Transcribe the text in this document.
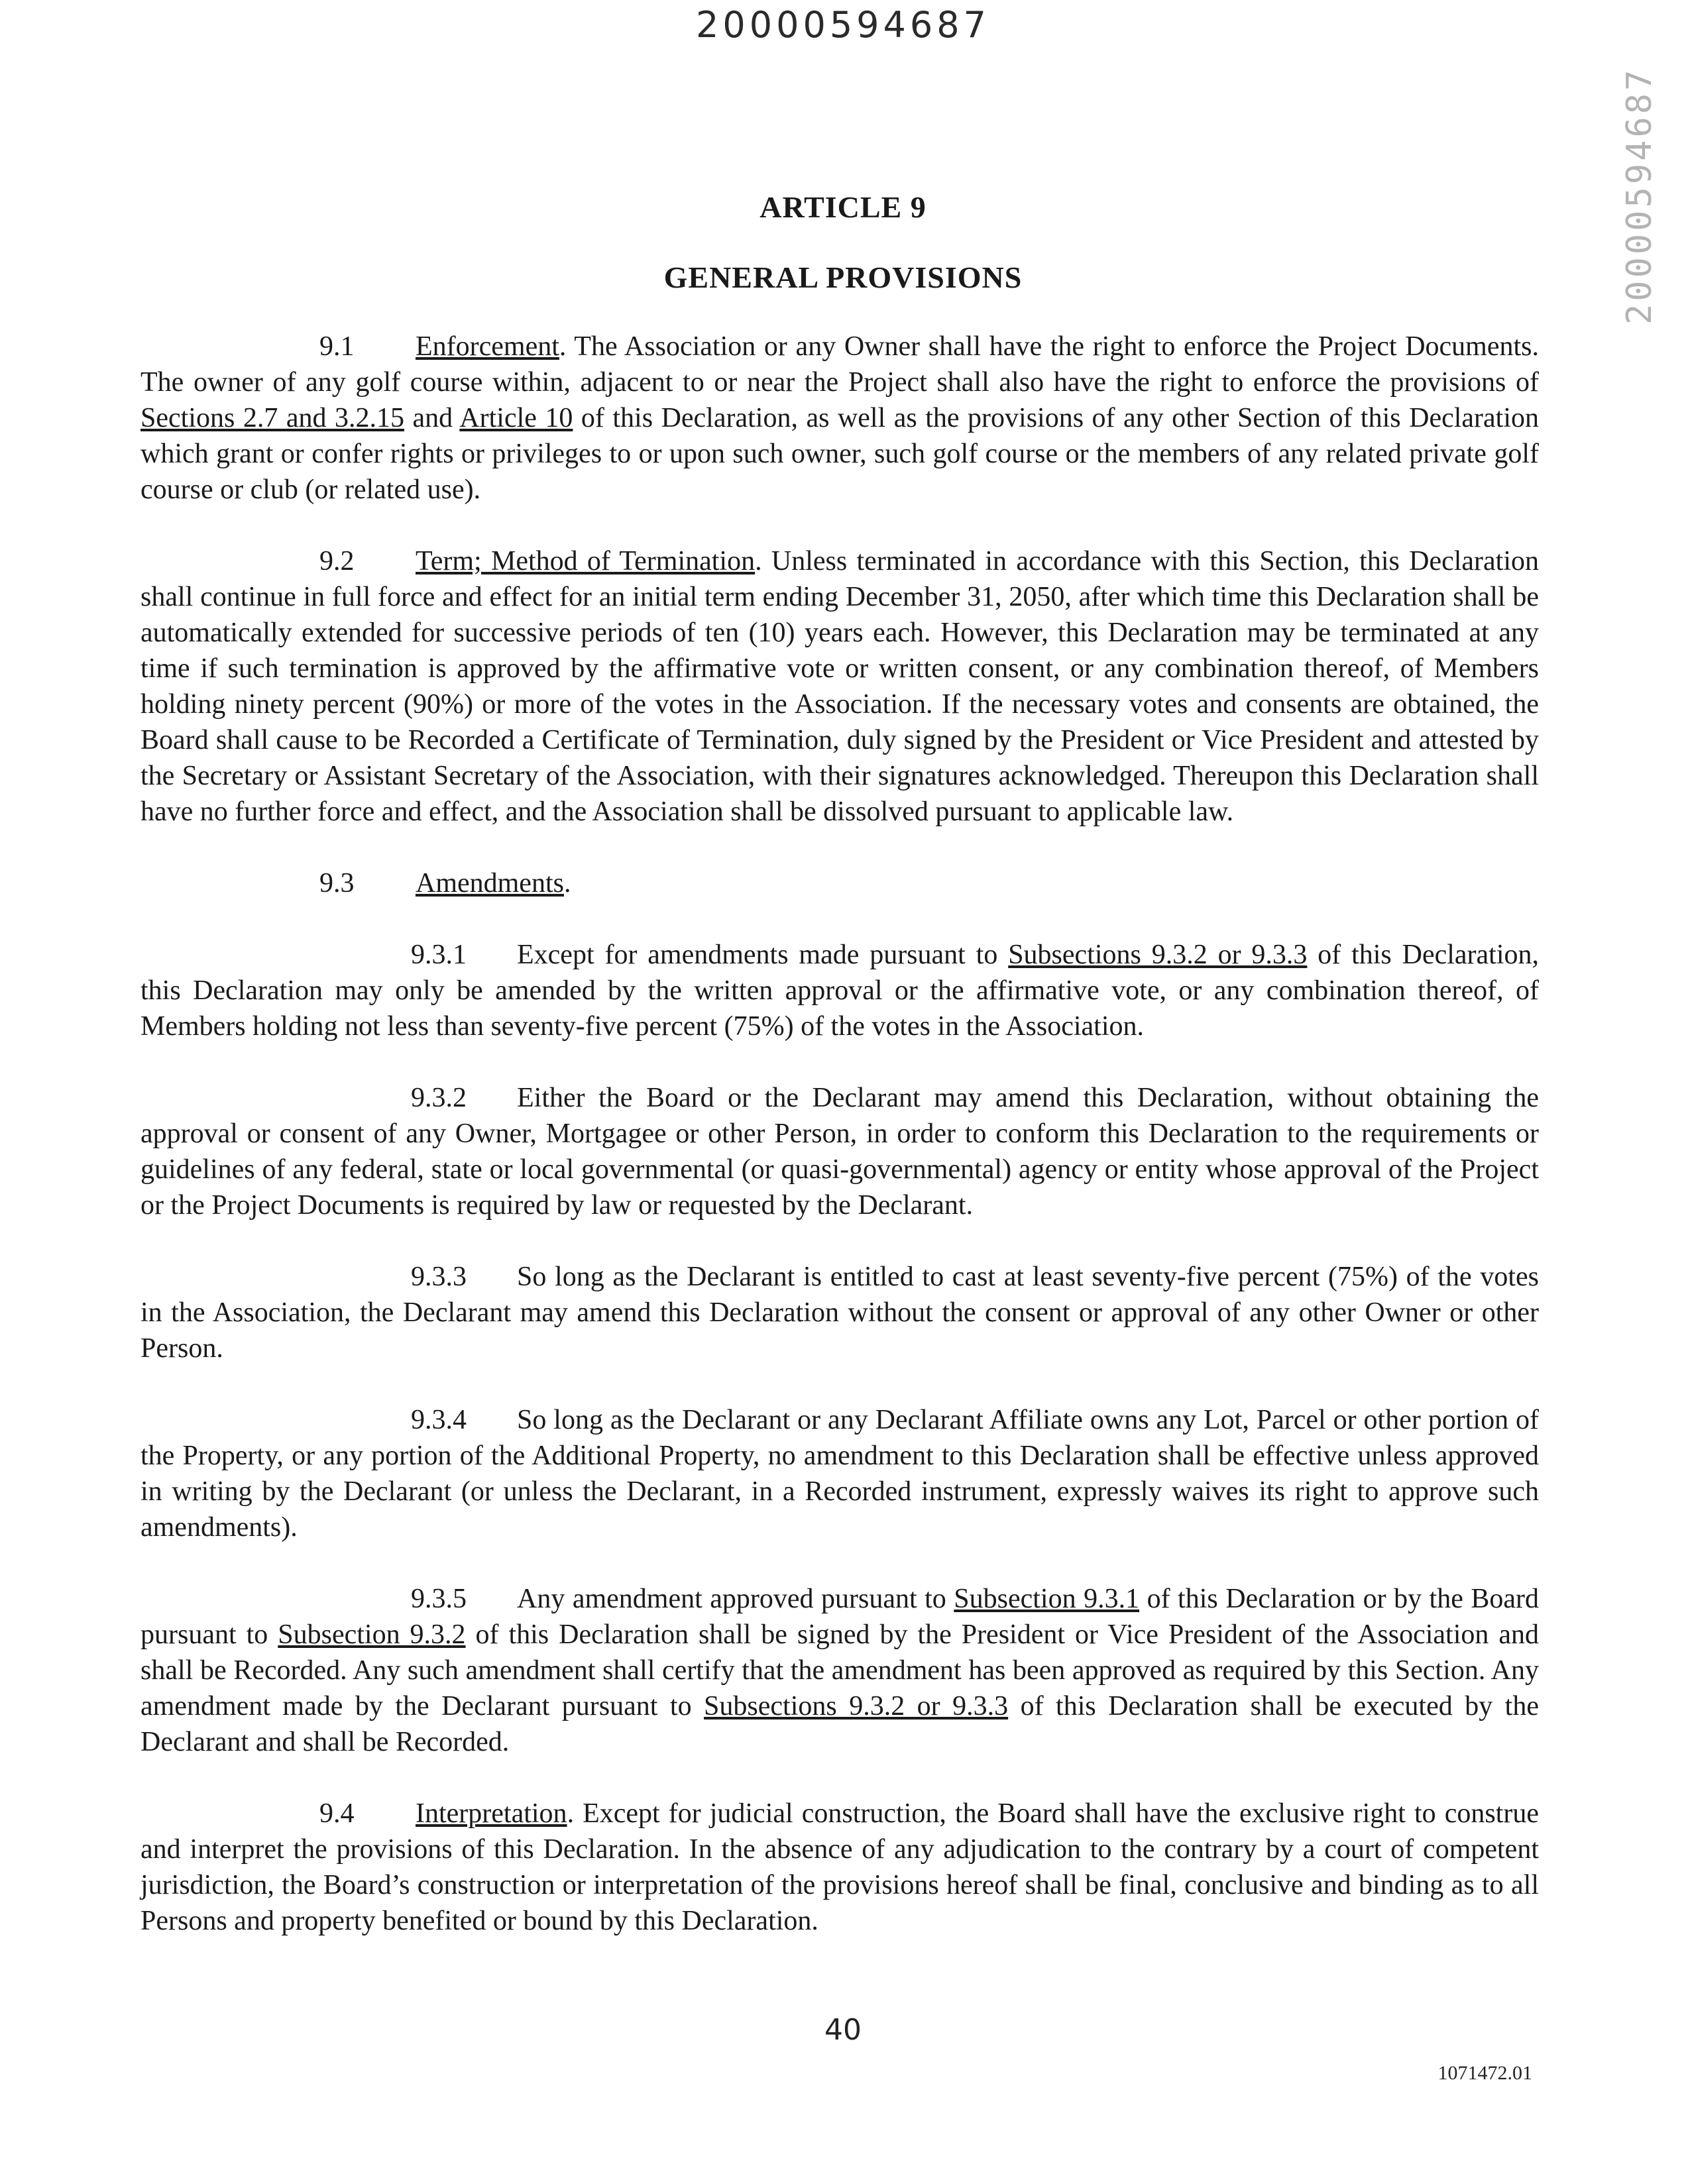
20000594687
20000594687
ARTICLE 9
GENERAL PROVISIONS

9.1 Enforcement. The Association or any Owner shall have the right to enforce the Project Documents. The owner of any golf course within, adjacent to or near the Project shall also have the right to enforce the provisions of Sections 2.7 and 3.2.15 and Article 10 of this Declaration, as well as the provisions of any other Section of this Declaration which grant or confer rights or privileges to or upon such owner, such golf course or the members of any related private golf course or club (or related use).

9.2 Term; Method of Termination. Unless terminated in accordance with this Section, this Declaration shall continue in full force and effect for an initial term ending December 31, 2050, after which time this Declaration shall be automatically extended for successive periods of ten (10) years each. However, this Declaration may be terminated at any time if such termination is approved by the affirmative vote or written consent, or any combination thereof, of Members holding ninety percent (90%) or more of the votes in the Association. If the necessary votes and consents are obtained, the Board shall cause to be Recorded a Certificate of Termination, duly signed by the President or Vice President and attested by the Secretary or Assistant Secretary of the Association, with their signatures acknowledged. Thereupon this Declaration shall have no further force and effect, and the Association shall be dissolved pursuant to applicable law.

9.3 Amendments.

9.3.1 Except for amendments made pursuant to Subsections 9.3.2 or 9.3.3 of this Declaration, this Declaration may only be amended by the written approval or the affirmative vote, or any combination thereof, of Members holding not less than seventy-five percent (75%) of the votes in the Association.

9.3.2 Either the Board or the Declarant may amend this Declaration, without obtaining the approval or consent of any Owner, Mortgagee or other Person, in order to conform this Declaration to the requirements or guidelines of any federal, state or local governmental (or quasi-governmental) agency or entity whose approval of the Project or the Project Documents is required by law or requested by the Declarant.

9.3.3 So long as the Declarant is entitled to cast at least seventy-five percent (75%) of the votes in the Association, the Declarant may amend this Declaration without the consent or approval of any other Owner or other Person.

9.3.4 So long as the Declarant or any Declarant Affiliate owns any Lot, Parcel or other portion of the Property, or any portion of the Additional Property, no amendment to this Declaration shall be effective unless approved in writing by the Declarant (or unless the Declarant, in a Recorded instrument, expressly waives its right to approve such amendments).

9.3.5 Any amendment approved pursuant to Subsection 9.3.1 of this Declaration or by the Board pursuant to Subsection 9.3.2 of this Declaration shall be signed by the President or Vice President of the Association and shall be Recorded. Any such amendment shall certify that the amendment has been approved as required by this Section. Any amendment made by the Declarant pursuant to Subsections 9.3.2 or 9.3.3 of this Declaration shall be executed by the Declarant and shall be Recorded.

9.4 Interpretation. Except for judicial construction, the Board shall have the exclusive right to construe and interpret the provisions of this Declaration. In the absence of any adjudication to the contrary by a court of competent jurisdiction, the Board’s construction or interpretation of the provisions hereof shall be final, conclusive and binding as to all Persons and property benefited or bound by this Declaration.

40
1071472.01
